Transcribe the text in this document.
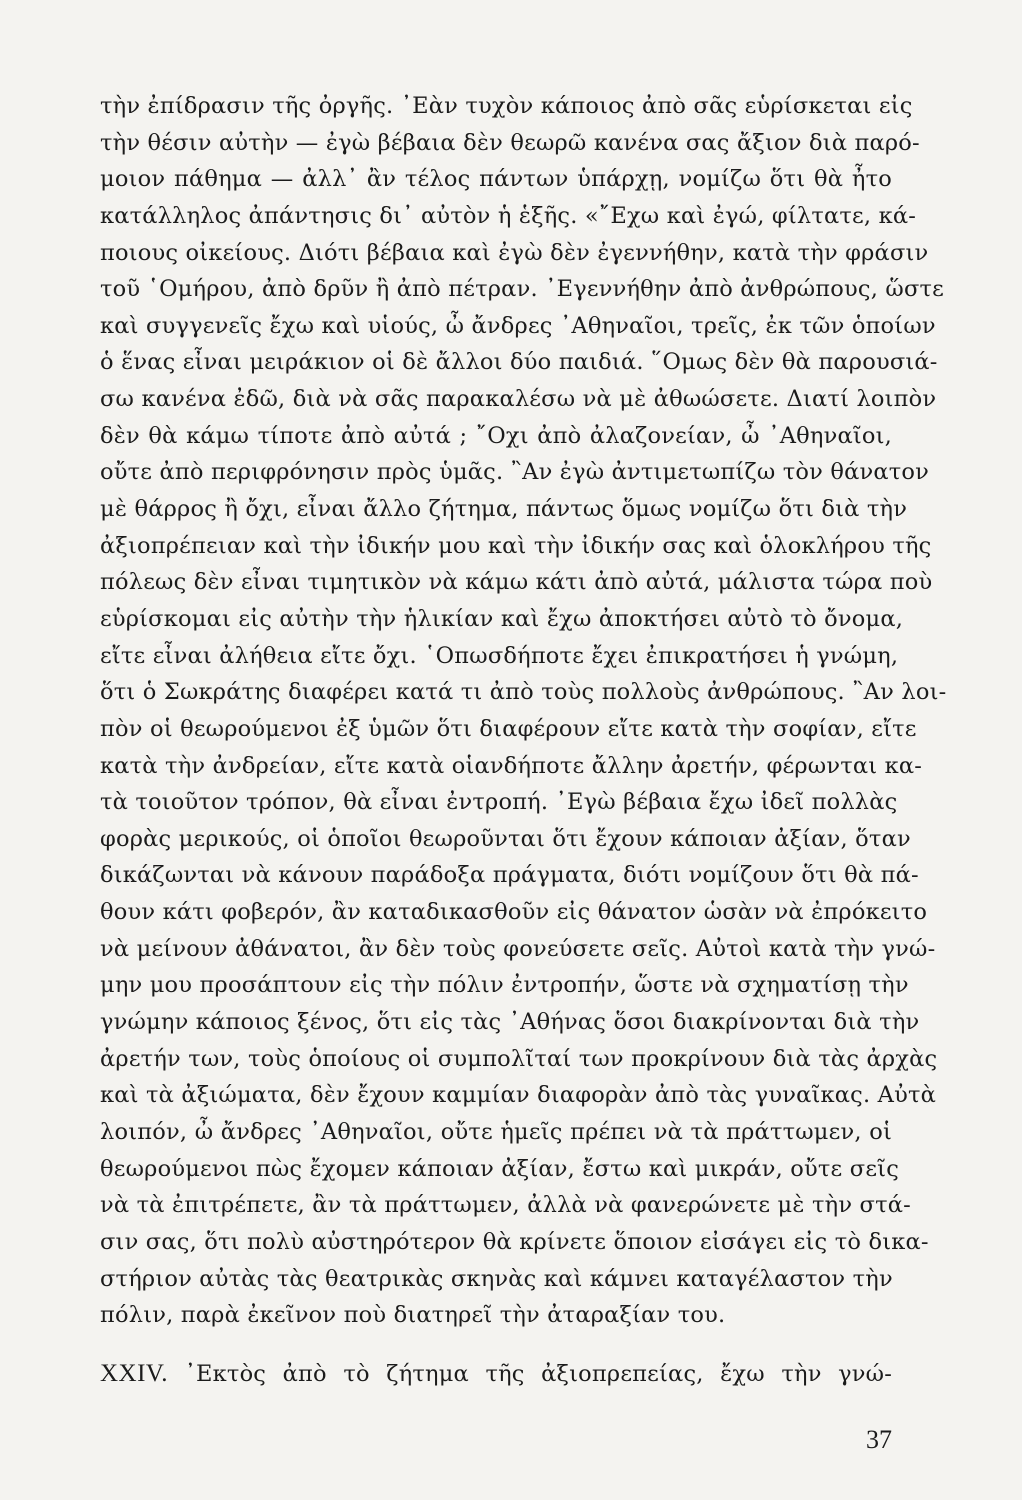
τὴν ἐπίδρασιν τῆς ὀργῆς. ᾿Εὰν τυχὸν κάποιος ἀπὸ σᾶς εὑρίσκεται εἰς
τὴν θέσιν αὐτὴν — ἐγὼ βέβαια δὲν θεωρῶ κανένα σας ἄξιον διὰ παρό-
μοιον πάθημα — ἀλλ᾿ ἂν τέλος πάντων ὑπάρχῃ, νομίζω ὅτι θὰ ἦτο
κατάλληλος ἀπάντησις δι᾿ αὐτὸν ἡ ἑξῆς. «῎Εχω καὶ ἐγώ, φίλτατε, κά-
ποιους οἰκείους. Διότι βέβαια καὶ ἐγὼ δὲν ἐγεννήθην, κατὰ τὴν φράσιν
τοῦ ῾Ομήρου, ἀπὸ δρῦν ἢ ἀπὸ πέτραν. ᾿Εγεννήθην ἀπὸ ἀνθρώπους, ὥστε
καὶ συγγενεῖς ἔχω καὶ υἱούς, ὦ ἄνδρες ᾿Αθηναῖοι, τρεῖς, ἐκ τῶν ὁποίων
ὁ ἕνας εἶναι μειράκιον οἱ δὲ ἄλλοι δύο παιδιά. ῞Ομως δὲν θὰ παρουσιά-
σω κανένα ἐδῶ, διὰ νὰ σᾶς παρακαλέσω νὰ μὲ ἀθωώσετε. Διατί λοιπὸν
δὲν θὰ κάμω τίποτε ἀπὸ αὐτά ; ῎Οχι ἀπὸ ἀλαζονείαν, ὦ ᾿Αθηναῖοι,
οὔτε ἀπὸ περιφρόνησιν πρὸς ὑμᾶς. ῍Αν ἐγὼ ἀντιμετωπίζω τὸν θάνατον
μὲ θάρρος ἢ ὄχι, εἶναι ἄλλο ζήτημα, πάντως ὅμως νομίζω ὅτι διὰ τὴν
ἀξιοπρέπειαν καὶ τὴν ἰδικήν μου καὶ τὴν ἰδικήν σας καὶ ὁλοκλήρου τῆς
πόλεως δὲν εἶναι τιμητικὸν νὰ κάμω κάτι ἀπὸ αὐτά, μάλιστα τώρα ποὺ
εὑρίσκομαι εἰς αὐτὴν τὴν ἡλικίαν καὶ ἔχω ἀποκτήσει αὐτὸ τὸ ὄνομα,
εἴτε εἶναι ἀλήθεια εἴτε ὄχι. ῾Οπωσδήποτε ἔχει ἐπικρατήσει ἡ γνώμη,
ὅτι ὁ Σωκράτης διαφέρει κατά τι ἀπὸ τοὺς πολλοὺς ἀνθρώπους. ῍Αν λοι-
πὸν οἱ θεωρούμενοι ἐξ ὑμῶν ὅτι διαφέρουν εἴτε κατὰ τὴν σοφίαν, εἴτε
κατὰ τὴν ἀνδρείαν, εἴτε κατὰ οἱανδήποτε ἄλλην ἀρετήν, φέρωνται κα-
τὰ τοιοῦτον τρόπον, θὰ εἶναι ἐντροπή. ᾿Εγὼ βέβαια ἔχω ἰδεῖ πολλὰς
φορὰς μερικούς, οἱ ὁποῖοι θεωροῦνται ὅτι ἔχουν κάποιαν ἀξίαν, ὅταν
δικάζωνται νὰ κάνουν παράδοξα πράγματα, διότι νομίζουν ὅτι θὰ πά-
θουν κάτι φοβερόν, ἂν καταδικασθοῦν εἰς θάνατον ὡσὰν νὰ ἐπρόκειτο
νὰ μείνουν ἀθάνατοι, ἂν δὲν τοὺς φονεύσετε σεῖς. Αὐτοὶ κατὰ τὴν γνώ-
μην μου προσάπτουν εἰς τὴν πόλιν ἐντροπήν, ὥστε νὰ σχηματίσῃ τὴν
γνώμην κάποιος ξένος, ὅτι εἰς τὰς ᾿Αθήνας ὅσοι διακρίνονται διὰ τὴν
ἀρετήν των, τοὺς ὁποίους οἱ συμπολῖταί των προκρίνουν διὰ τὰς ἀρχὰς
καὶ τὰ ἀξιώματα, δὲν ἔχουν καμμίαν διαφορὰν ἀπὸ τὰς γυναῖκας. Αὐτὰ
λοιπόν, ὦ ἄνδρες ᾿Αθηναῖοι, οὔτε ἡμεῖς πρέπει νὰ τὰ πράττωμεν, οἱ
θεωρούμενοι πὼς ἔχομεν κάποιαν ἀξίαν, ἔστω καὶ μικράν, οὔτε σεῖς
νὰ τὰ ἐπιτρέπετε, ἂν τὰ πράττωμεν, ἀλλὰ νὰ φανερώνετε μὲ τὴν στά-
σιν σας, ὅτι πολὺ αὐστηρότερον θὰ κρίνετε ὅποιον εἰσάγει εἰς τὸ δικα-
στήριον αὐτὰς τὰς θεατρικὰς σκηνὰς καὶ κάμνει καταγέλαστον τὴν
πόλιν, παρὰ ἐκεῖνον ποὺ διατηρεῖ τὴν ἀταραξίαν του.
XXIV. ᾿Εκτὸς ἀπὸ τὸ ζήτημα τῆς ἀξιοπρεπείας, ἔχω τὴν γνώ-
37
